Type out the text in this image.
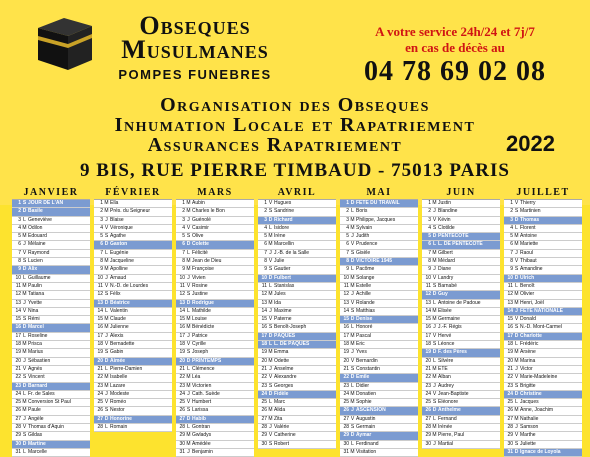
Obseques
Musulmanes
POMPES FUNEBRES
A votre service 24h/24 et 7j/7
en cas de décès au
04 78 69 02 08
Organisation des Obseques
Inhumation Locale et Rapatriement
Assurances Rapatriement	2022
9 BIS, RUE PIERRE TIMBAUD - 75013 PARIS
JANVIER
1 S JOUR DE L'AN
2 D Basile
3 L Geneviève
4 M Odilon
5 M Edouard
6 J Mélaine
7 V Raymond
8 S Lucien
9 D Alix
10 L Guillaume
11 M Paulin
12 M Tatiana
13 J Yvette
14 V Nina
15 S Rémi
16 D Marcel
17 L Roseline
18 M Prisca
19 M Marius
20 J Sébastien
21 V Agnès
22 S Vincent
23 D Barnard
24 L Fr. de Sales
25 M Conversion St Paul
26 M Paule
27 J Angèle
28 V Thomas d'Aquin
29 S Gildas
30 D Martine
31 L Marcelle
FÉVRIER
1 M Ella
2 M Prés. du Seigneur
3 J Blaise
4 V Véronique
5 S Agathe
6 D Gaston
7 L Eugénie
8 M Jacqueline
9 M Apolline
10 J Arnaud
11 V N.-D. de Lourdes
12 S Félix
13 D Béatrice
14 L Valentin
15 M Claude
16 M Julienne
17 J Alexis
18 V Bernadette
19 S Gabin
20 D Aimée
21 L Pierre-Damien
22 M Isabelle
23 M Lazare
24 J Modeste
25 V Roméo
26 S Nestor
27 D Honorine
28 L Romain
MARS
1 M Aubin
2 M Charles le Bon
3 J Guénolé
4 V Casimir
5 S Olive
6 D Colette
7 L Félicité
8 M Jean de Dieu
9 M Françoise
10 J Vivien
11 V Rosine
12 S Justine
13 D Rodrigue
14 L Mathilde
15 M Louise
16 M Bénédicte
17 J Patrice
18 V Cyrille
19 S Joseph
20 D PRINTEMPS
21 L Clémence
22 M Léa
23 M Victorien
24 J Cath. Suède
25 V Humbert
26 S Larissa
27 D Habib
28 L Gontran
29 M Gwladys
30 M Amédée
31 J Benjamin
AVRIL
1 V Hugues
2 S Sandrine
3 D Richard
4 L Isidore
5 M Irène
6 M Marcellin
7 J J.-B. de la Salle
8 V Julie
9 S Gautier
10 D Fulbert
11 L Stanislas
12 M Jules
13 M Ida
14 J Maxime
15 V Paterne
16 S Benoît-Joseph
17 D PÂQUES
18 L L. DE PÂQUES
19 M Emma
20 M Odette
21 J Anselme
22 V Alexandre
23 S Georges
24 D Fidèle
25 L Marc
26 M Alida
27 M Zita
28 J Valérie
29 V Catherine
30 S Robert
MAI
1 D FÊTE DU TRAVAIL
2 L Boris
3 M Philippe, Jacques
4 M Sylvain
5 J Judith
6 V Prudence
7 S Gisèle
8 D VICTOIRE 1945
9 L Pacôme
10 M Solange
11 M Estelle
12 J Achille
13 V Rolande
14 S Matthias
15 D Denise
16 L Honoré
17 M Pascal
18 M Eric
19 J Yves
20 V Bernardin
21 S Constantin
22 D Emile
23 L Didier
24 M Donatien
25 M Sophie
26 J ASCENSION
27 V Augustin
28 S Germain
29 D Aymar
30 L Ferdinand
31 M Visitation
JUIN
1 M Justin
2 J Blandine
3 V Kévin
4 S Clotilde
5 D PENTECÔTE
6 L L. DE PENTECÔTE
7 M Gilbert
8 M Médard
9 J Diane
10 V Landry
11 S Barnabé
12 D Guy
13 L Antoine de Padoue
14 M Elisée
15 M Germaine
16 J J.-F. Régis
17 V Hervé
18 S Léonce
19 D F. des Pères
20 L Silvère
21 M ÉTÉ
22 M Alban
23 J Audrey
24 V Jean-Baptiste
25 S Eléonore
26 D Anthelme
27 L Fernand
28 M Irénée
29 M Pierre, Paul
30 J Martial
JUILLET
1 V Thierry
2 S Martinien
3 D Thomas
4 L Florent
5 M Antoine
6 M Mariette
7 J Raoul
8 V Thibaut
9 S Amandine
10 D Ulrich
11 L Benoît
12 M Olivier
13 M Henri, Joël
14 J FÊTE NATIONALE
15 V Donald
16 S N.-D. Mont-Carmel
17 D Charlotte
18 L Frédéric
19 M Arsène
20 M Marina
21 J Victor
22 V Marie-Madeleine
23 S Brigitte
24 D Christine
25 L Jacques
26 M Anne, Joachim
27 M Nathalie
28 J Samson
29 V Marthe
30 S Juliette
31 D Ignace de Loyola
